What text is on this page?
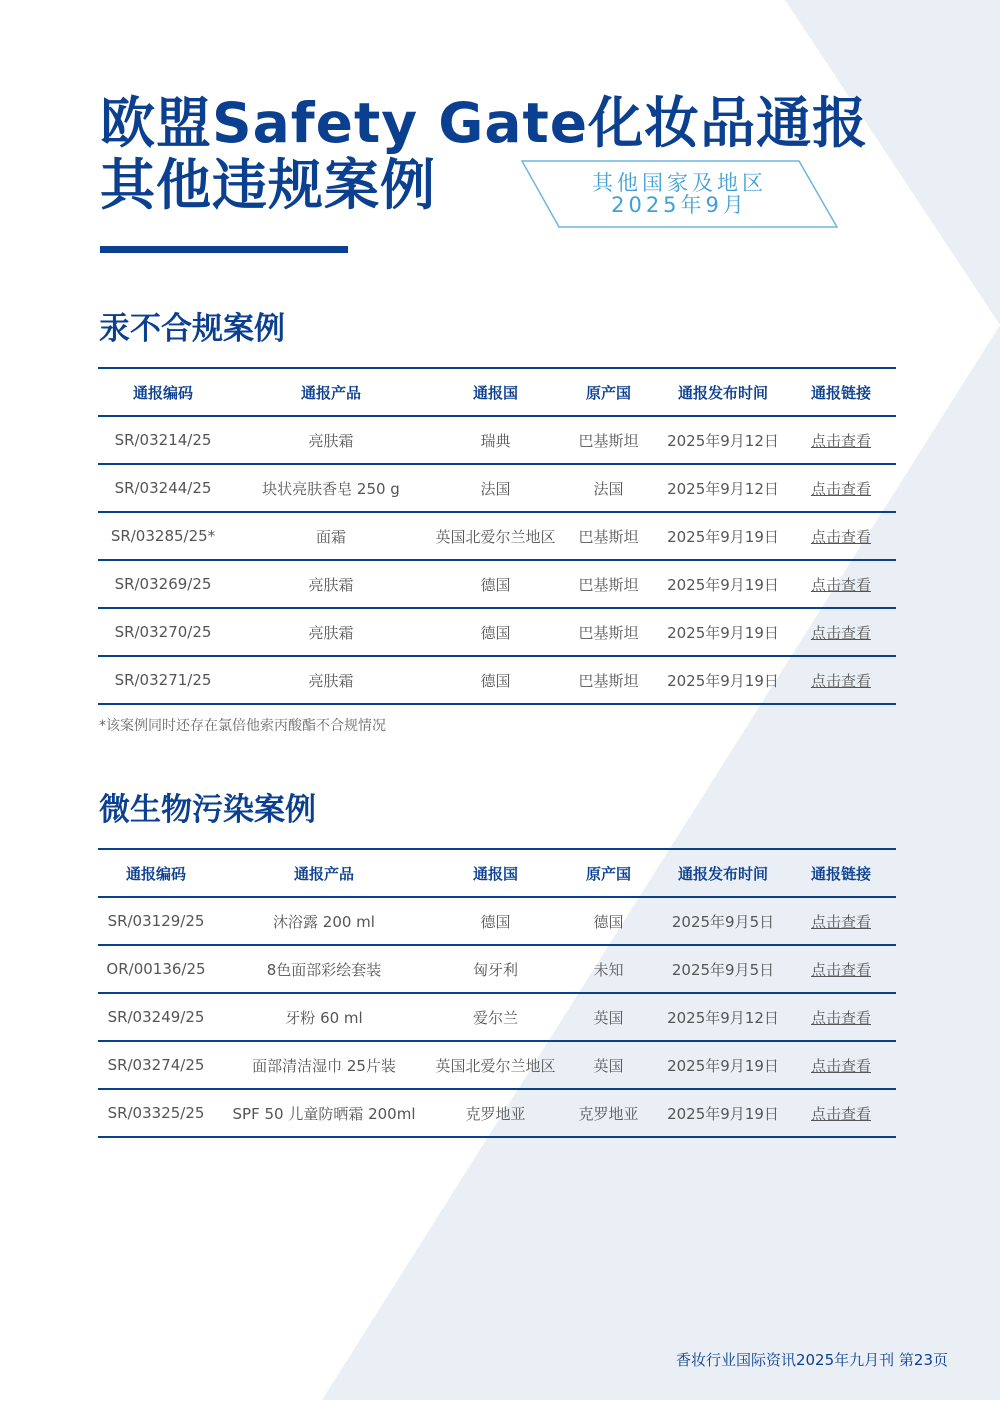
欧盟Safety Gate化妆品通报
其他违规案例	其他国家及地区
2025年9月
汞不合规案例
通报编码	通报产品	通报国	原产国	通报发布时间	通报链接
SR/03214/25	亮肤霜	瑞典	巴基斯坦	2025年9月12日	点击查看
SR/03244/25	块状亮肤香皂 250 g	法国	法国	2025年9月12日	点击查看
SR/03285/25*	面霜	英国北爱尔兰地区	巴基斯坦	2025年9月19日	点击查看
SR/03269/25	亮肤霜	德国	巴基斯坦	2025年9月19日	点击查看
SR/03270/25	亮肤霜	德国	巴基斯坦	2025年9月19日	点击查看
SR/03271/25	亮肤霜	德国	巴基斯坦	2025年9月19日	点击查看
*该案例同时还存在氯倍他索丙酸酯不合规情况
微生物污染案例
通报编码	通报产品	通报国	原产国	通报发布时间	通报链接
SR/03129/25	沐浴露 200 ml	德国	德国	2025年9月5日	点击查看
OR/00136/25	8色面部彩绘套装	匈牙利	未知	2025年9月5日	点击查看
SR/03249/25	牙粉 60 ml	爱尔兰	英国	2025年9月12日	点击查看
SR/03274/25	面部清洁湿巾 25片装	英国北爱尔兰地区	英国	2025年9月19日	点击查看
SR/03325/25	SPF 50 儿童防晒霜 200ml	克罗地亚	克罗地亚	2025年9月19日	点击查看
香妆行业国际资讯2025年九月刊 第23页
